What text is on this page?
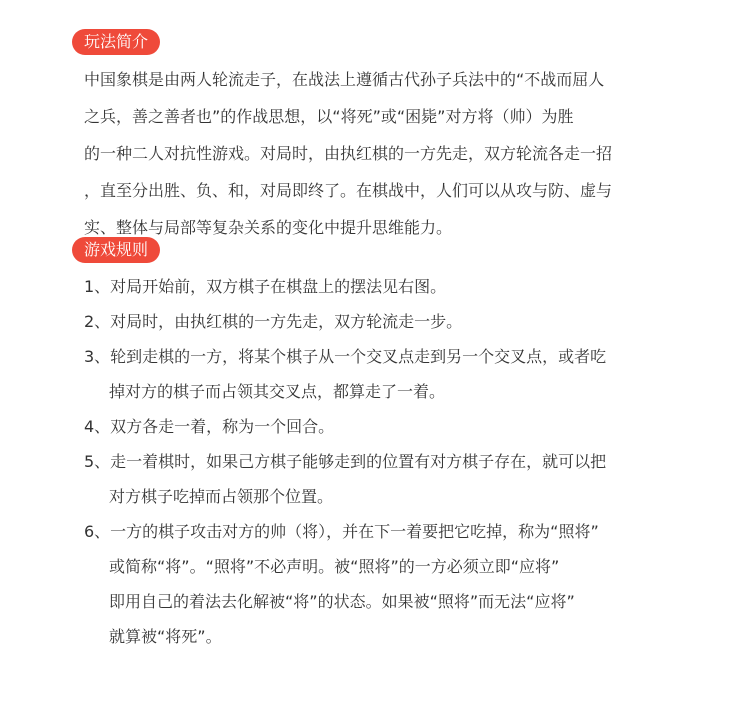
玩法简介
中国象棋是由两人轮流走子，在战法上遵循古代孙子兵法中的“不战而屈人
之兵，善之善者也”的作战思想，以“将死”或“困毙”对方将（帅）为胜
的一种二人对抗性游戏。对局时，由执红棋的一方先走，双方轮流各走一招
，直至分出胜、负、和，对局即终了。在棋战中，人们可以从攻与防、虚与
实、整体与局部等复杂关系的变化中提升思维能力。
游戏规则
1、对局开始前，双方棋子在棋盘上的摆法见右图。
2、对局时，由执红棋的一方先走，双方轮流走一步。
3、轮到走棋的一方，将某个棋子从一个交叉点走到另一个交叉点，或者吃
掉对方的棋子而占领其交叉点，都算走了一着。
4、双方各走一着，称为一个回合。
5、走一着棋时，如果己方棋子能够走到的位置有对方棋子存在，就可以把
对方棋子吃掉而占领那个位置。
6、一方的棋子攻击对方的帅（将），并在下一着要把它吃掉，称为“照将”
或简称“将”。“照将”不必声明。被“照将”的一方必须立即“应将”
即用自己的着法去化解被“将”的状态。如果被“照将”而无法“应将”
就算被“将死”。
